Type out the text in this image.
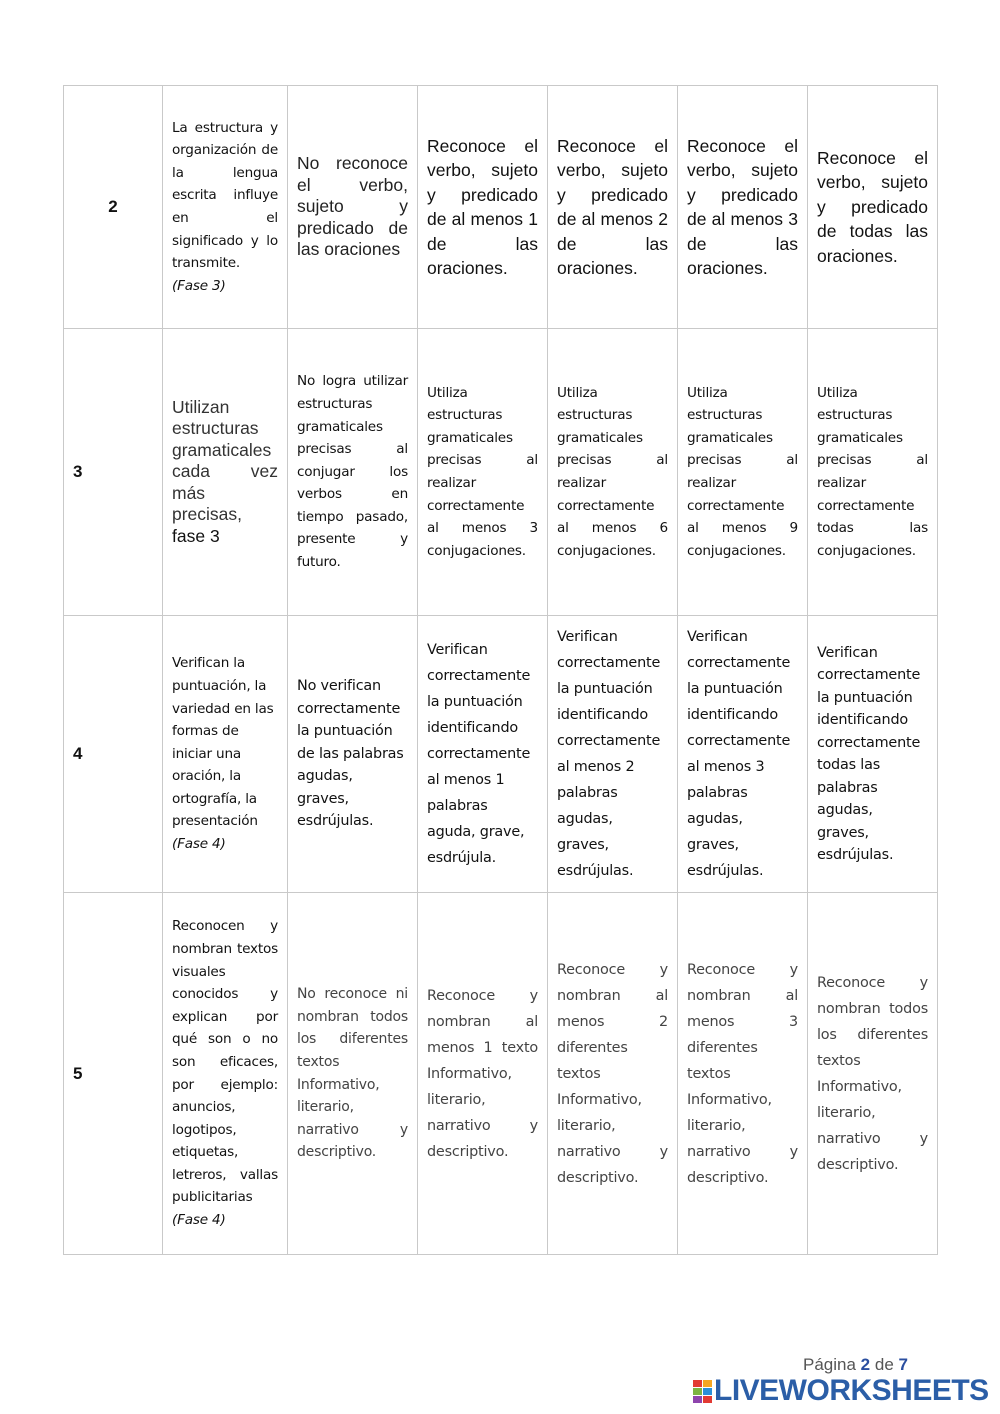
2	La estructura y organización de la lengua escrita influye en el significado y lo transmite. (Fase 3)	No reconoce el verbo, sujeto y predicado de las oraciones	Reconoce el verbo, sujeto y predicado de al menos 1 de las oraciones.	Reconoce el verbo, sujeto y predicado de al menos 2 de las oraciones.	Reconoce el verbo, sujeto y predicado de al menos 3 de las oraciones.	Reconoce el verbo, sujeto y predicado de todas las oraciones.
3	Utilizan estructuras gramaticales cada vez más precisas, fase 3	No logra utilizar estructuras gramaticales precisas al conjugar los verbos en tiempo pasado, presente y futuro.	Utiliza estructuras gramaticales precisas al realizar correctamente al menos 3 conjugaciones.	Utiliza estructuras gramaticales precisas al realizar correctamente al menos 6 conjugaciones.	Utiliza estructuras gramaticales precisas al realizar correctamente al menos 9 conjugaciones.	Utiliza estructuras gramaticales precisas al realizar correctamente todas las conjugaciones.
4	Verifican la puntuación, la variedad en las formas de iniciar una oración, la ortografía, la presentación (Fase 4)	No verifican correctamente la puntuación de las palabras agudas, graves, esdrújulas.	Verifican correctamente la puntuación identificando correctamente al menos 1 palabras aguda, grave, esdrújula.	Verifican correctamente la puntuación identificando correctamente al menos 2 palabras agudas, graves, esdrújulas.	Verifican correctamente la puntuación identificando correctamente al menos 3 palabras agudas, graves, esdrújulas.	Verifican correctamente la puntuación identificando correctamente todas las palabras agudas, graves, esdrújulas.
5	Reconocen y nombran textos visuales conocidos y explican por qué son o no son eficaces, por ejemplo: anuncios, logotipos, etiquetas, letreros, vallas publicitarias (Fase 4)	No reconoce ni nombran todos los diferentes textos Informativo, literario, narrativo y descriptivo.	Reconoce y nombran al menos 1 texto Informativo, literario, narrativo y descriptivo.	Reconoce y nombran al menos 2 diferentes textos Informativo, literario, narrativo y descriptivo.	Reconoce y nombran al menos 3 diferentes textos Informativo, literario, narrativo y descriptivo.	Reconoce y nombran todos los diferentes textos Informativo, literario, narrativo y descriptivo.
Página 2 de 7
LIVEWORKSHEETS
